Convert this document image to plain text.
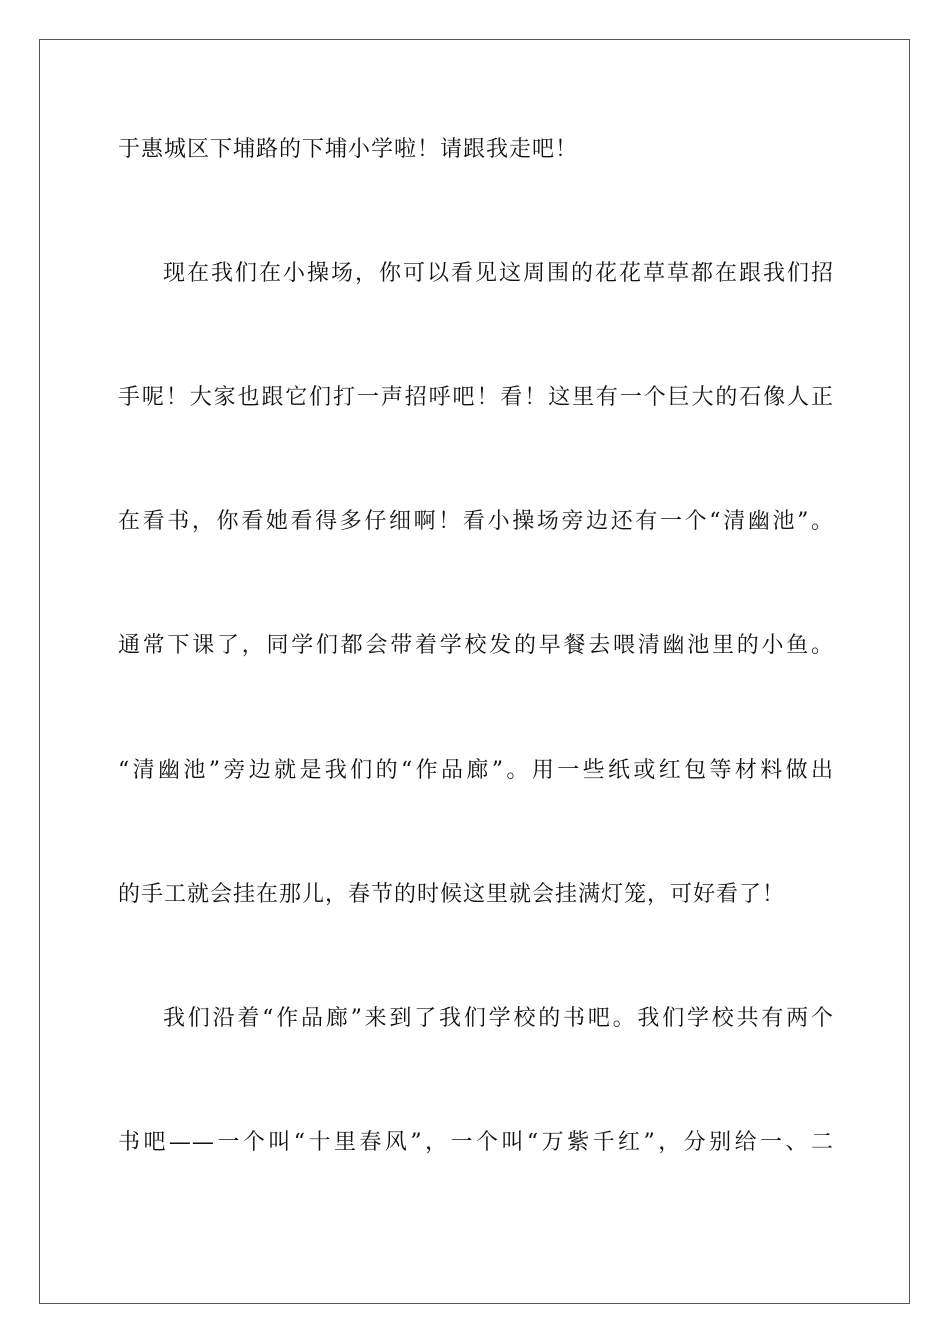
于惠城区下埔路的下埔小学啦！请跟我走吧！
现在我们在小操场，你可以看见这周围的花花草草都在跟我们招
手呢！大家也跟它们打一声招呼吧！看！这里有一个巨大的石像人正
在看书，你看她看得多仔细啊！看小操场旁边还有一个“清幽池”。
通常下课了，同学们都会带着学校发的早餐去喂清幽池里的小鱼。
“清幽池”旁边就是我们的“作品廊”。用一些纸或红包等材料做出
的手工就会挂在那儿，春节的时候这里就会挂满灯笼，可好看了！
我们沿着“作品廊”来到了我们学校的书吧。我们学校共有两个
书吧——一个叫“十里春风”，一个叫“万紫千红”，分别给一、二
